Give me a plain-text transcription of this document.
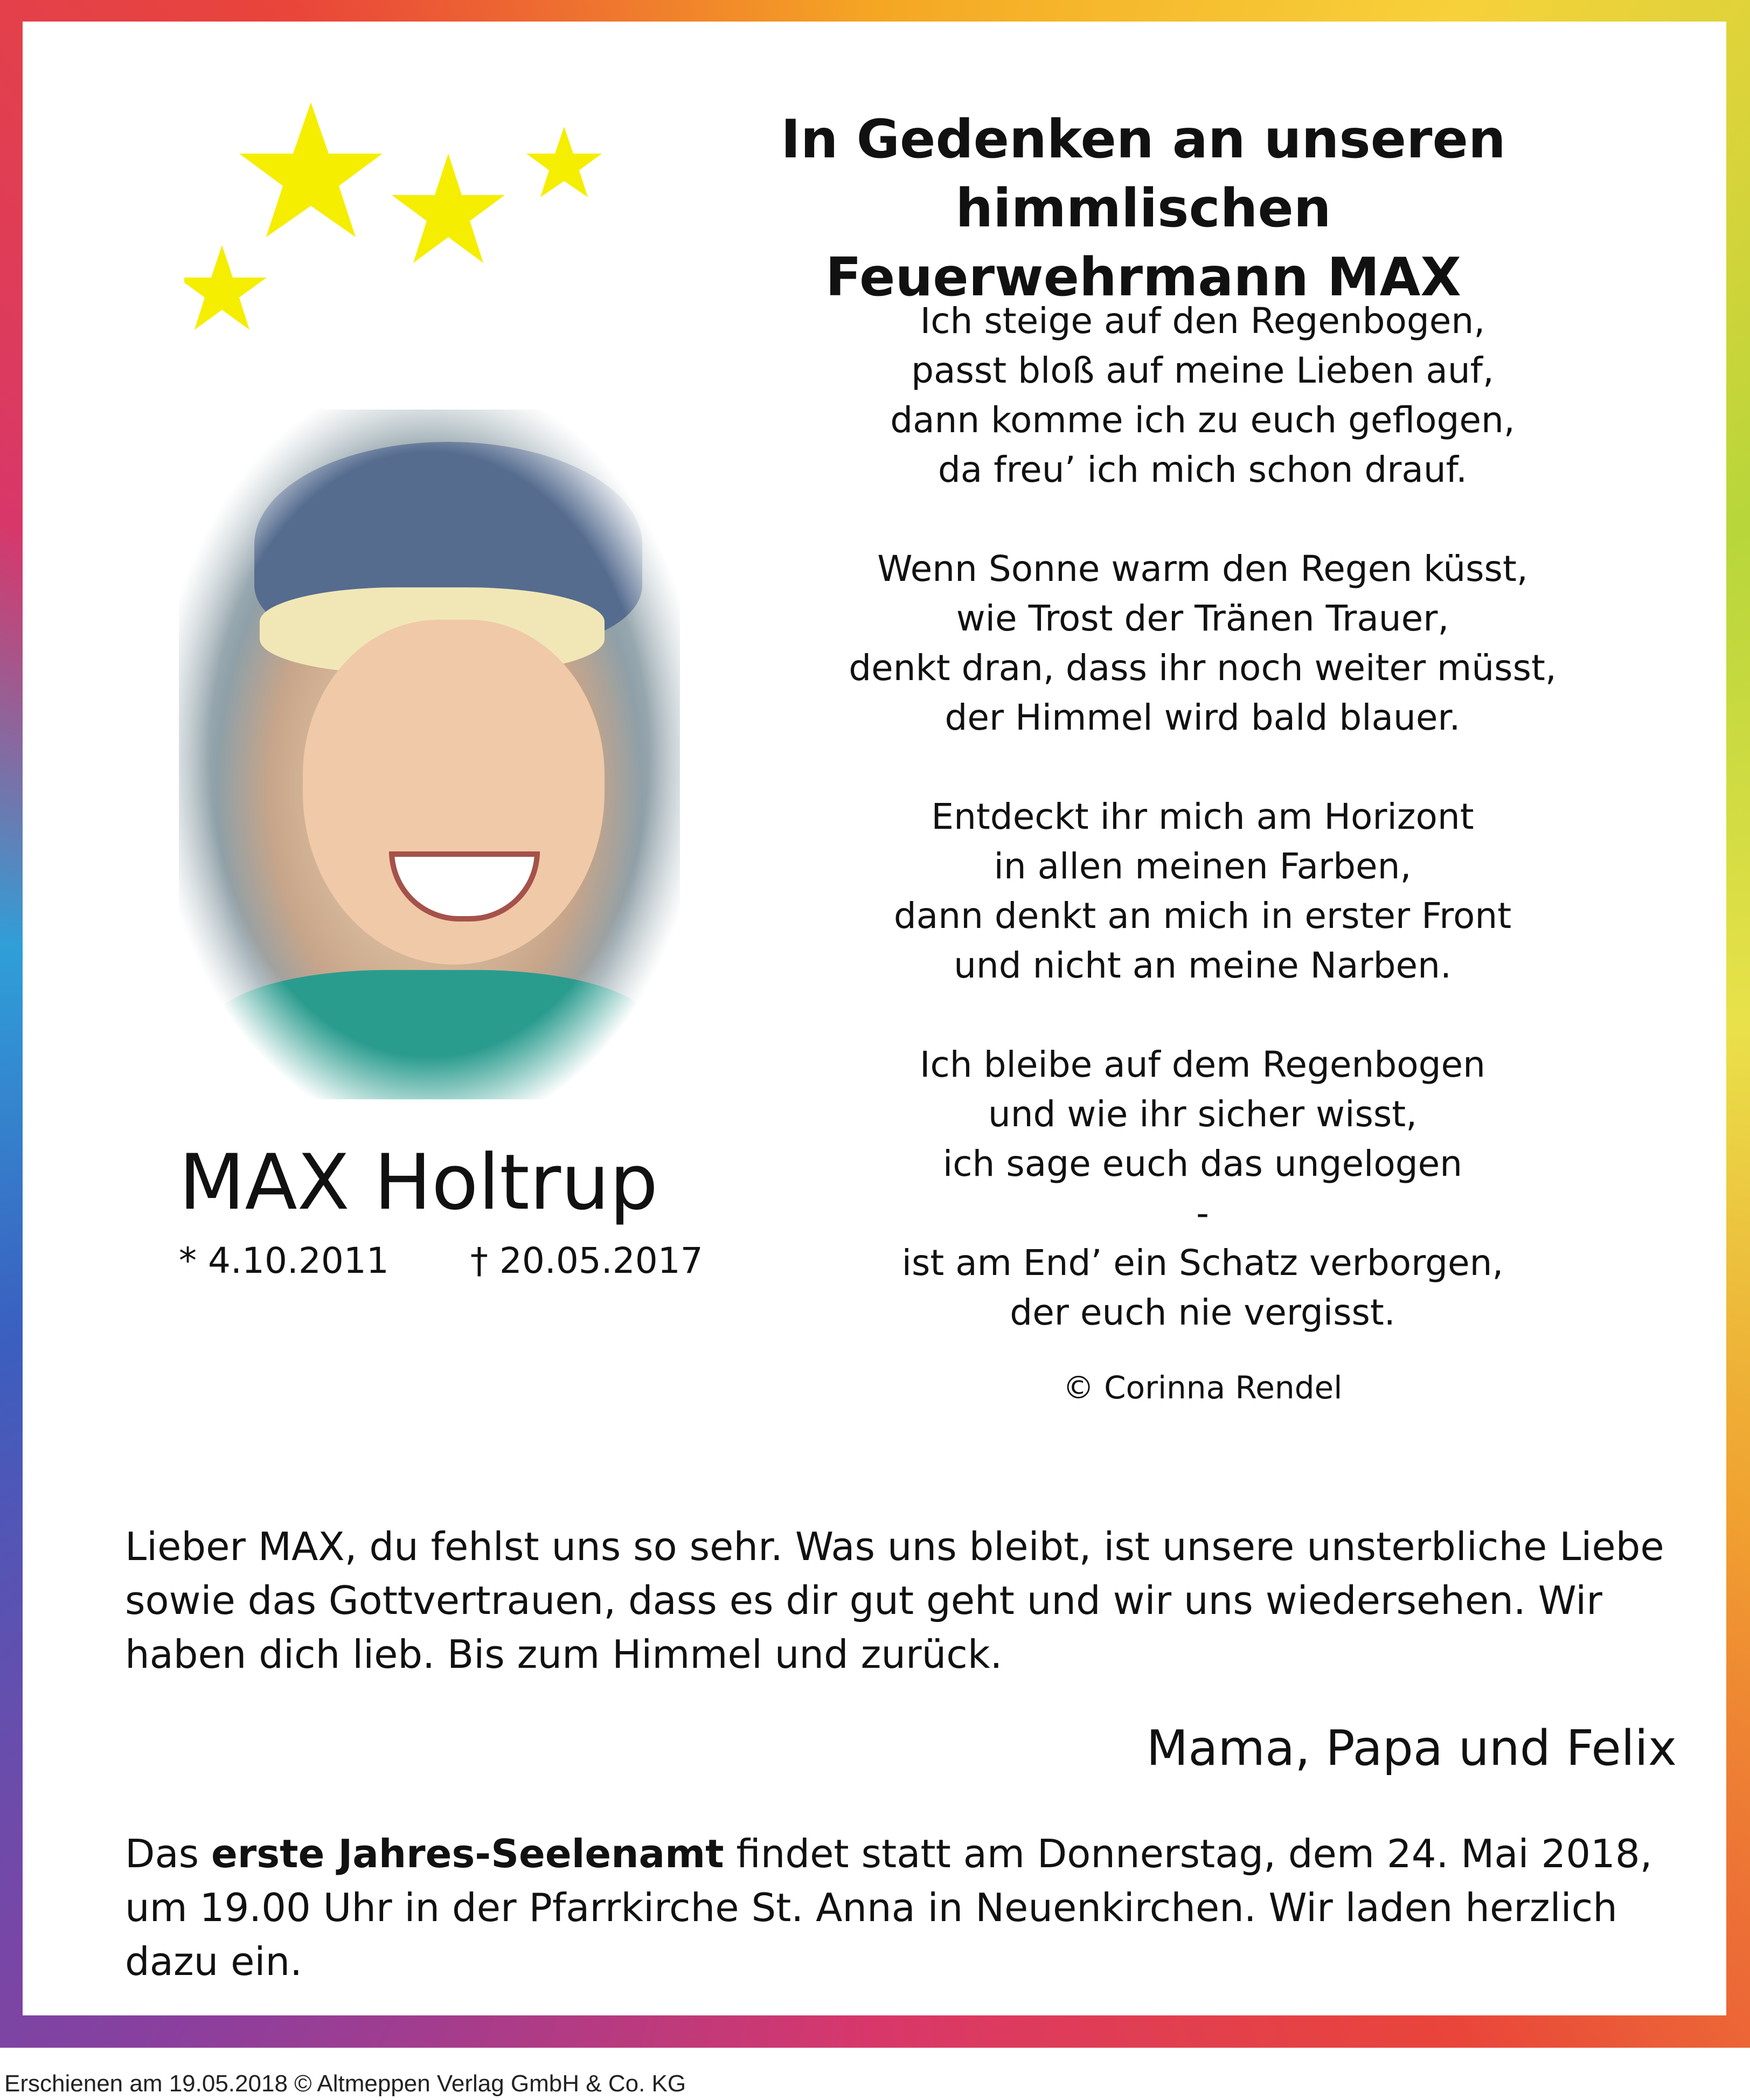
In Gedenken an unseren himmlischen
Feuerwehrmann MAX
Ich steige auf den Regenbogen,
passt bloß auf meine Lieben auf,
dann komme ich zu euch geflogen,
da freu’ ich mich schon drauf.
Wenn Sonne warm den Regen küsst,
wie Trost der Tränen Trauer,
denkt dran, dass ihr noch weiter müsst,
der Himmel wird bald blauer.
Entdeckt ihr mich am Horizont
in allen meinen Farben,
dann denkt an mich in erster Front
und nicht an meine Narben.
Ich bleibe auf dem Regenbogen
und wie ihr sicher wisst,
ich sage euch das ungelogen
-
ist am End’ ein Schatz verborgen,
der euch nie vergisst.
© Corinna Rendel
MAX Holtrup
* 4.10.2011 † 20.05.2017
Lieber MAX, du fehlst uns so sehr. Was uns bleibt, ist unsere unsterbliche Liebe sowie das Gottvertrauen, dass es dir gut geht und wir uns wiedersehen. Wir haben dich lieb. Bis zum Himmel und zurück.
Mama, Papa und Felix
Das erste Jahres-Seelenamt findet statt am Donnerstag, dem 24. Mai 2018, um 19.00 Uhr in der Pfarrkirche St. Anna in Neuenkirchen. Wir laden herzlich dazu ein.
Erschienen am 19.05.2018 © Altmeppen Verlag GmbH & Co. KG
